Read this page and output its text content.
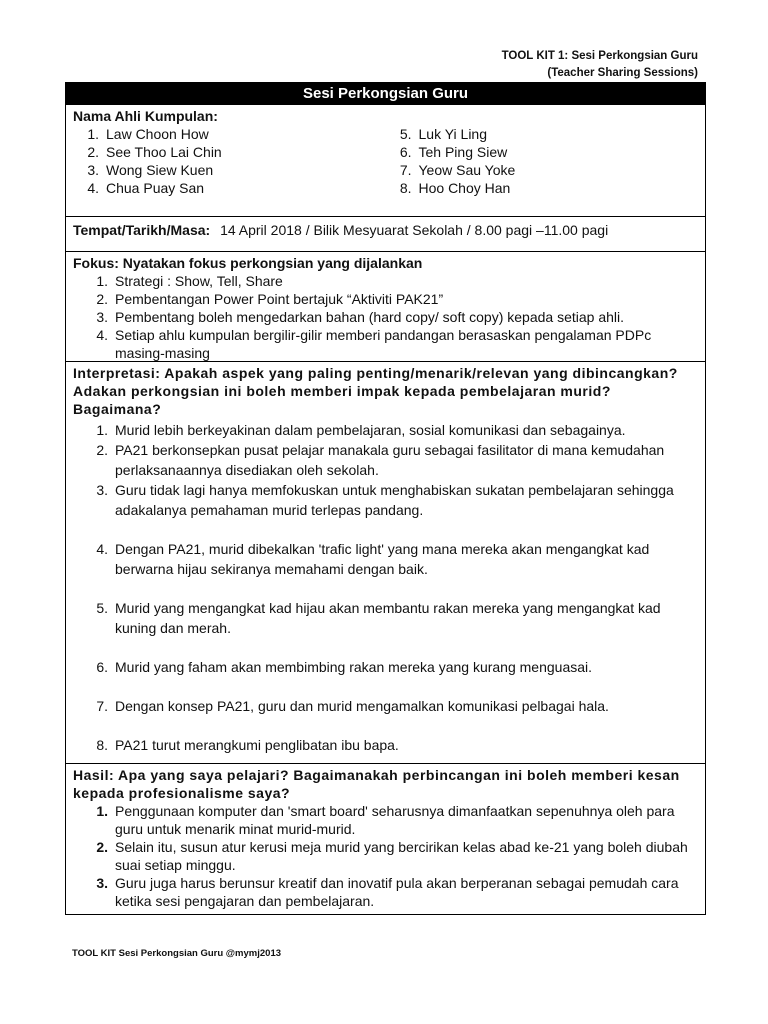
TOOL KIT 1: Sesi Perkongsian Guru
(Teacher Sharing Sessions)
Sesi Perkongsian Guru
Nama Ahli Kumpulan:
1. Law Choon How
2. See Thoo Lai Chin
3. Wong Siew Kuen
4. Chua Puay San
5. Luk Yi Ling
6. Teh Ping Siew
7. Yeow Sau Yoke
8. Hoo Choy Han
Tempat/Tarikh/Masa: 14 April 2018 / Bilik Mesyuarat Sekolah / 8.00 pagi –11.00 pagi
Fokus: Nyatakan fokus perkongsian yang dijalankan
1. Strategi : Show, Tell, Share
2. Pembentangan Power Point bertajuk “Aktiviti PAK21”
3. Pembentang boleh mengedarkan bahan (hard copy/ soft copy) kepada setiap ahli.
4. Setiap ahlu kumpulan bergilir-gilir memberi pandangan berasaskan pengalaman PDPc masing-masing
Interpretasi: Apakah aspek yang paling penting/menarik/relevan yang dibincangkan? Adakan perkongsian ini boleh memberi impak kepada pembelajaran murid? Bagaimana?
1. Murid lebih berkeyakinan dalam pembelajaran, sosial komunikasi dan sebagainya.
2. PA21 berkonsepkan pusat pelajar manakala guru sebagai fasilitator di mana kemudahan perlaksanaannya disediakan oleh sekolah.
3. Guru tidak lagi hanya memfokuskan untuk menghabiskan sukatan pembelajaran sehingga adakalanya pemahaman murid terlepas pandang.
4. Dengan PA21, murid dibekalkan 'trafic light' yang mana mereka akan mengangkat kad berwarna hijau sekiranya memahami dengan baik.
5. Murid yang mengangkat kad hijau akan membantu rakan mereka yang mengangkat kad kuning dan merah.
6. Murid yang faham akan membimbing rakan mereka yang kurang menguasai.
7. Dengan konsep PA21, guru dan murid mengamalkan komunikasi pelbagai hala.
8. PA21 turut merangkumi penglibatan ibu bapa.
Hasil: Apa yang saya pelajari? Bagaimanakah perbincangan ini boleh memberi kesan kepada profesionalisme saya?
1. Penggunaan komputer dan 'smart board' seharusnya dimanfaatkan sepenuhnya oleh para guru untuk menarik minat murid-murid.
2. Selain itu, susun atur kerusi meja murid yang bercirikan kelas abad ke-21 yang boleh diubah suai setiap minggu.
3. Guru juga harus berunsur kreatif dan inovatif pula akan berperanan sebagai pemudah cara ketika sesi pengajaran dan pembelajaran.
TOOL KIT Sesi Perkongsian Guru @mymj2013
